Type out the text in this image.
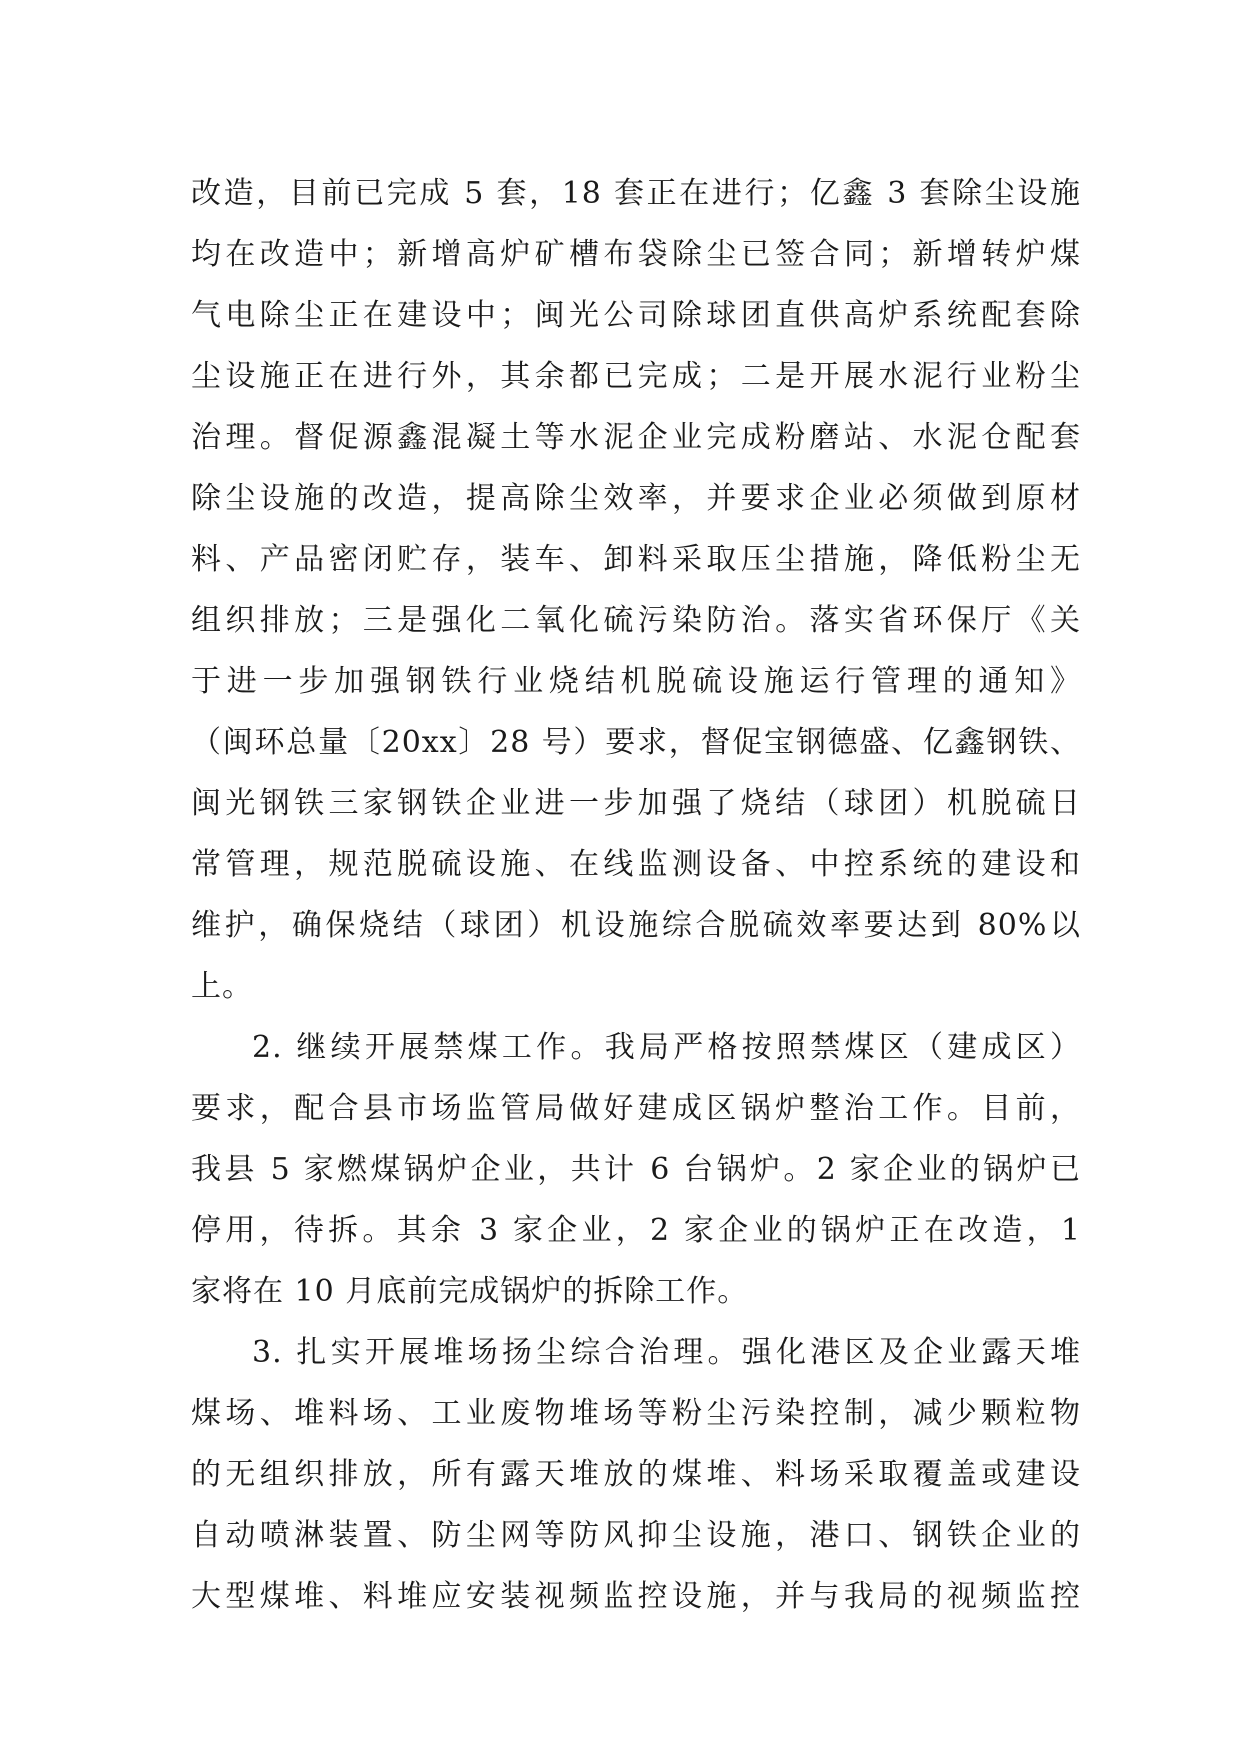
改造，目前已完成 5 套，18 套正在进行；亿鑫 3 套除尘设施
均在改造中；新增高炉矿槽布袋除尘已签合同；新增转炉煤
气电除尘正在建设中；闽光公司除球团直供高炉系统配套除
尘设施正在进行外，其余都已完成；二是开展水泥行业粉尘
治理。督促源鑫混凝土等水泥企业完成粉磨站、水泥仓配套
除尘设施的改造，提高除尘效率，并要求企业必须做到原材
料、产品密闭贮存，装车、卸料采取压尘措施，降低粉尘无
组织排放；三是强化二氧化硫污染防治。落实省环保厅《关
于进一步加强钢铁行业烧结机脱硫设施运行管理的通知》
（闽环总量〔20xx〕28 号）要求，督促宝钢德盛、亿鑫钢铁、
闽光钢铁三家钢铁企业进一步加强了烧结（球团）机脱硫日
常管理，规范脱硫设施、在线监测设备、中控系统的建设和
维护，确保烧结（球团）机设施综合脱硫效率要达到 80%以
上。
2. 继续开展禁煤工作。我局严格按照禁煤区（建成区）
要求，配合县市场监管局做好建成区锅炉整治工作。目前，
我县 5 家燃煤锅炉企业，共计 6 台锅炉。2 家企业的锅炉已
停用，待拆。其余 3 家企业，2 家企业的锅炉正在改造，1
家将在 10 月底前完成锅炉的拆除工作。
3. 扎实开展堆场扬尘综合治理。强化港区及企业露天堆
煤场、堆料场、工业废物堆场等粉尘污染控制，减少颗粒物
的无组织排放，所有露天堆放的煤堆、料场采取覆盖或建设
自动喷淋装置、防尘网等防风抑尘设施，港口、钢铁企业的
大型煤堆、料堆应安装视频监控设施，并与我局的视频监控
